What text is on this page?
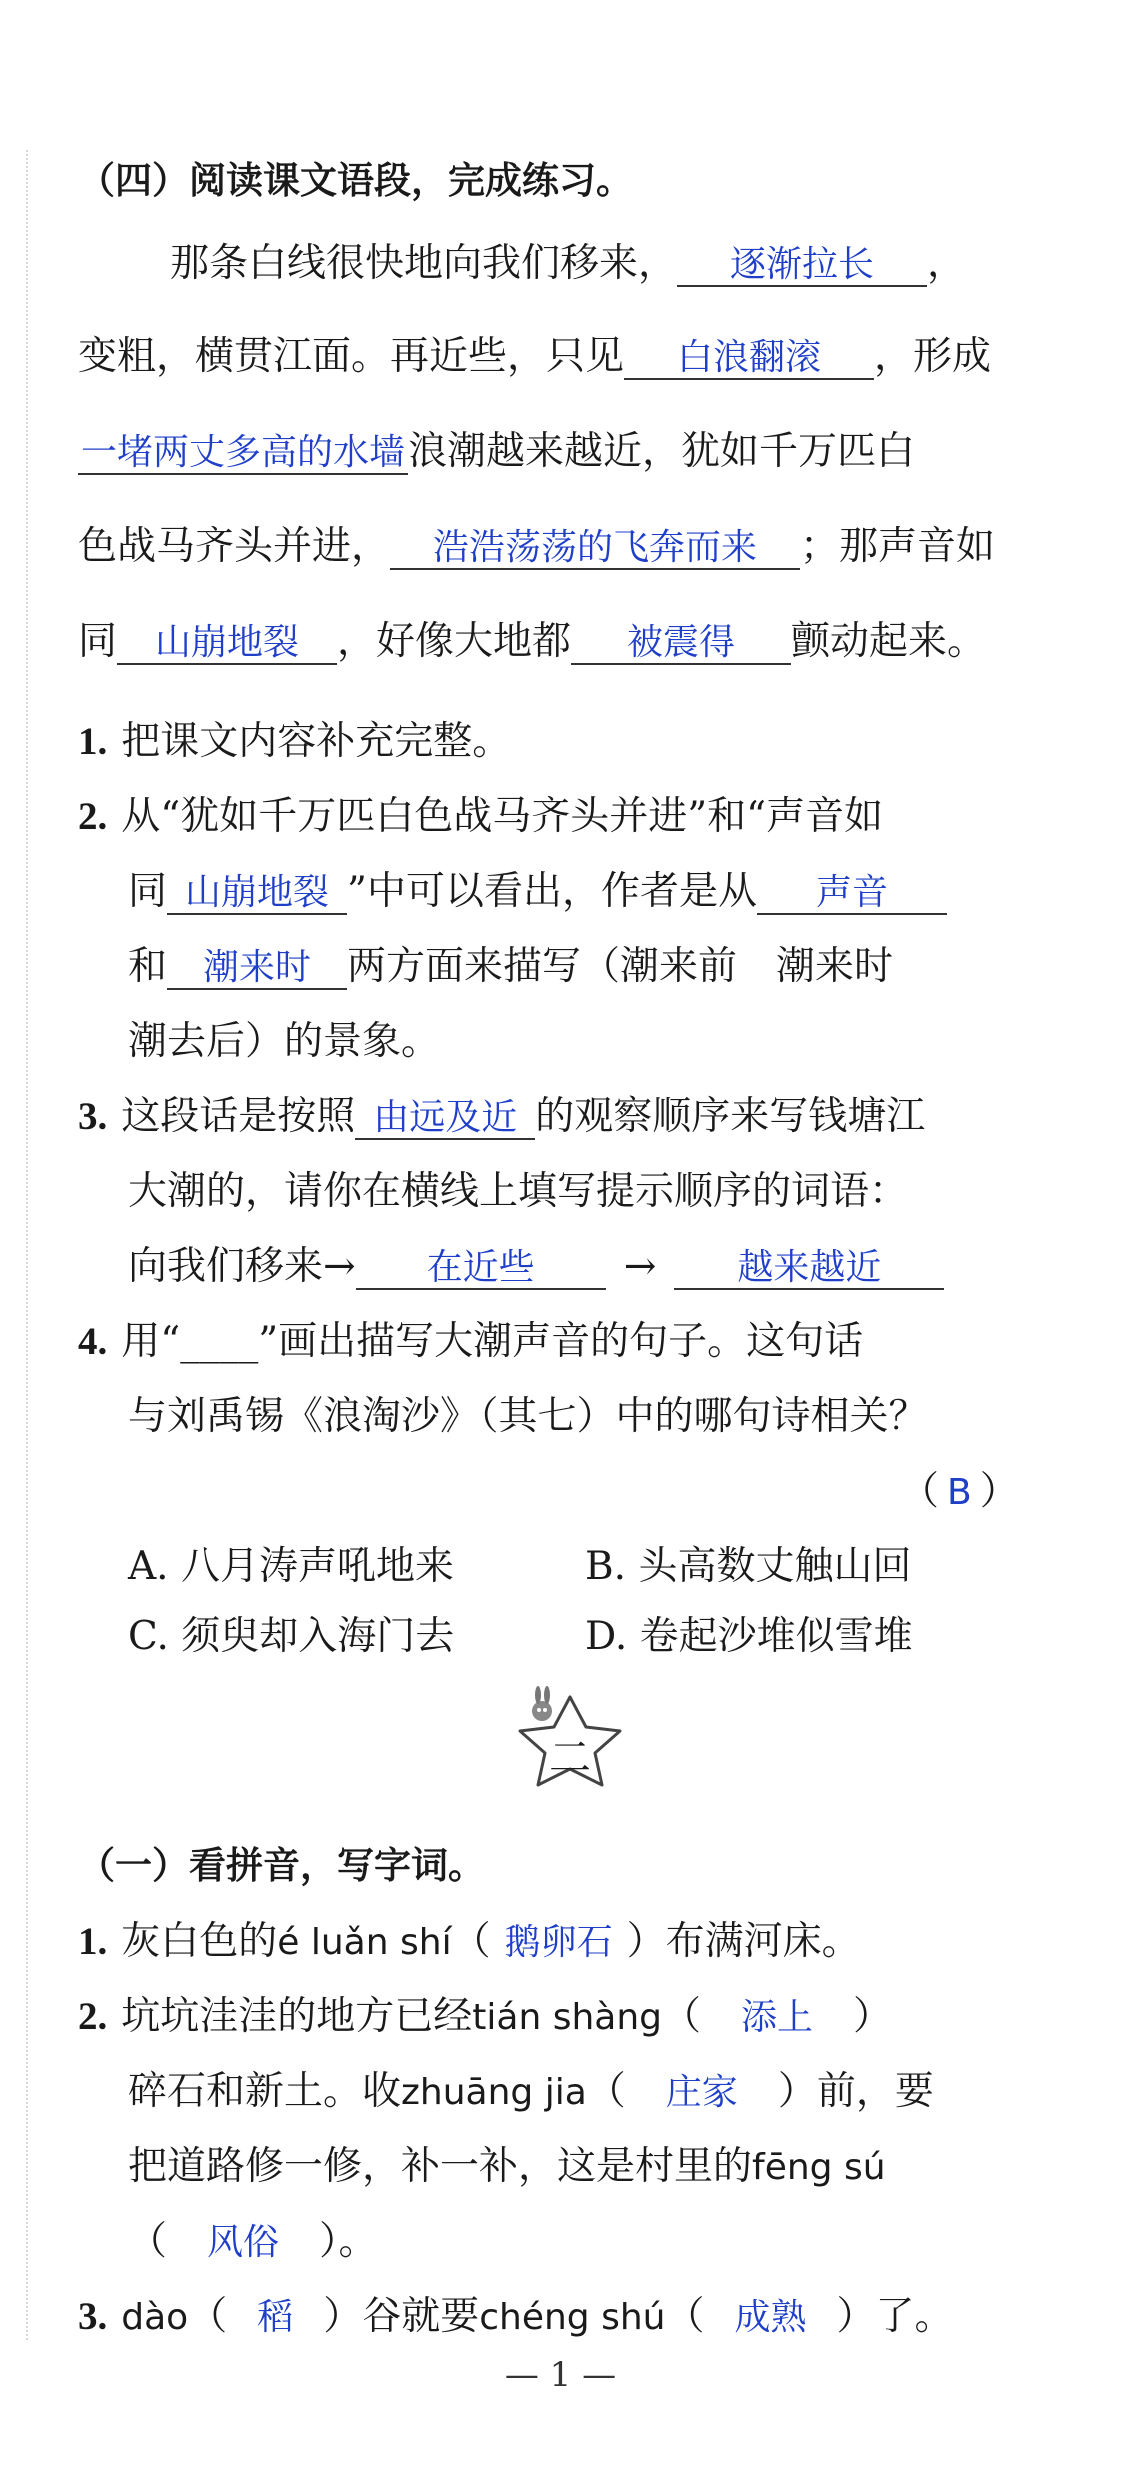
（四）阅读课文语段，完成练习。
那条白线很快地向我们移来， 逐渐拉长 ，
变粗，横贯江面。再近些，只见 白浪翻滚 ，形成
一堵两丈多高的水墙浪潮越来越近，犹如千万匹白
色战马齐头并进， 浩浩荡荡的飞奔而来 ；那声音如
同 山崩地裂 ，好像大地都 被震得 颤动起来。
1. 把课文内容补充完整。
2. 从“犹如千万匹白色战马齐头并进”和“声音如
同 山崩地裂 ”中可以看出，作者是从 声音
和 潮来时 两方面来描写（潮来前　潮来时
潮去后）的景象。
3. 这段话是按照 由远及近 的观察顺序来写钱塘江
大潮的，请你在横线上填写提示顺序的词语：
向我们移来→ 在近些 → 越来越近
4. 用“____”画出描写大潮声音的句子。这句话
与刘禹锡《浪淘沙》（其七）中的哪句诗相关？
（ B ）
A. 八月涛声吼地来	B. 头高数丈触山回
C. 须臾却入海门去	D. 卷起沙堆似雪堆
二
（一）看拼音，写字词。
1. 灰白色的é luǎn shí（ 鹅卵石 ）布满河床。
2. 坑坑洼洼的地方已经tián shàng（ 添上 ）
碎石和新土。收zhuāng jia（ 庄家 ）前，要
把道路修一修，补一补，这是村里的fēng sú
（ 风俗 ）。
3. dào（ 稻 ）谷就要chéng shú（ 成熟 ）了。
— 1 —
